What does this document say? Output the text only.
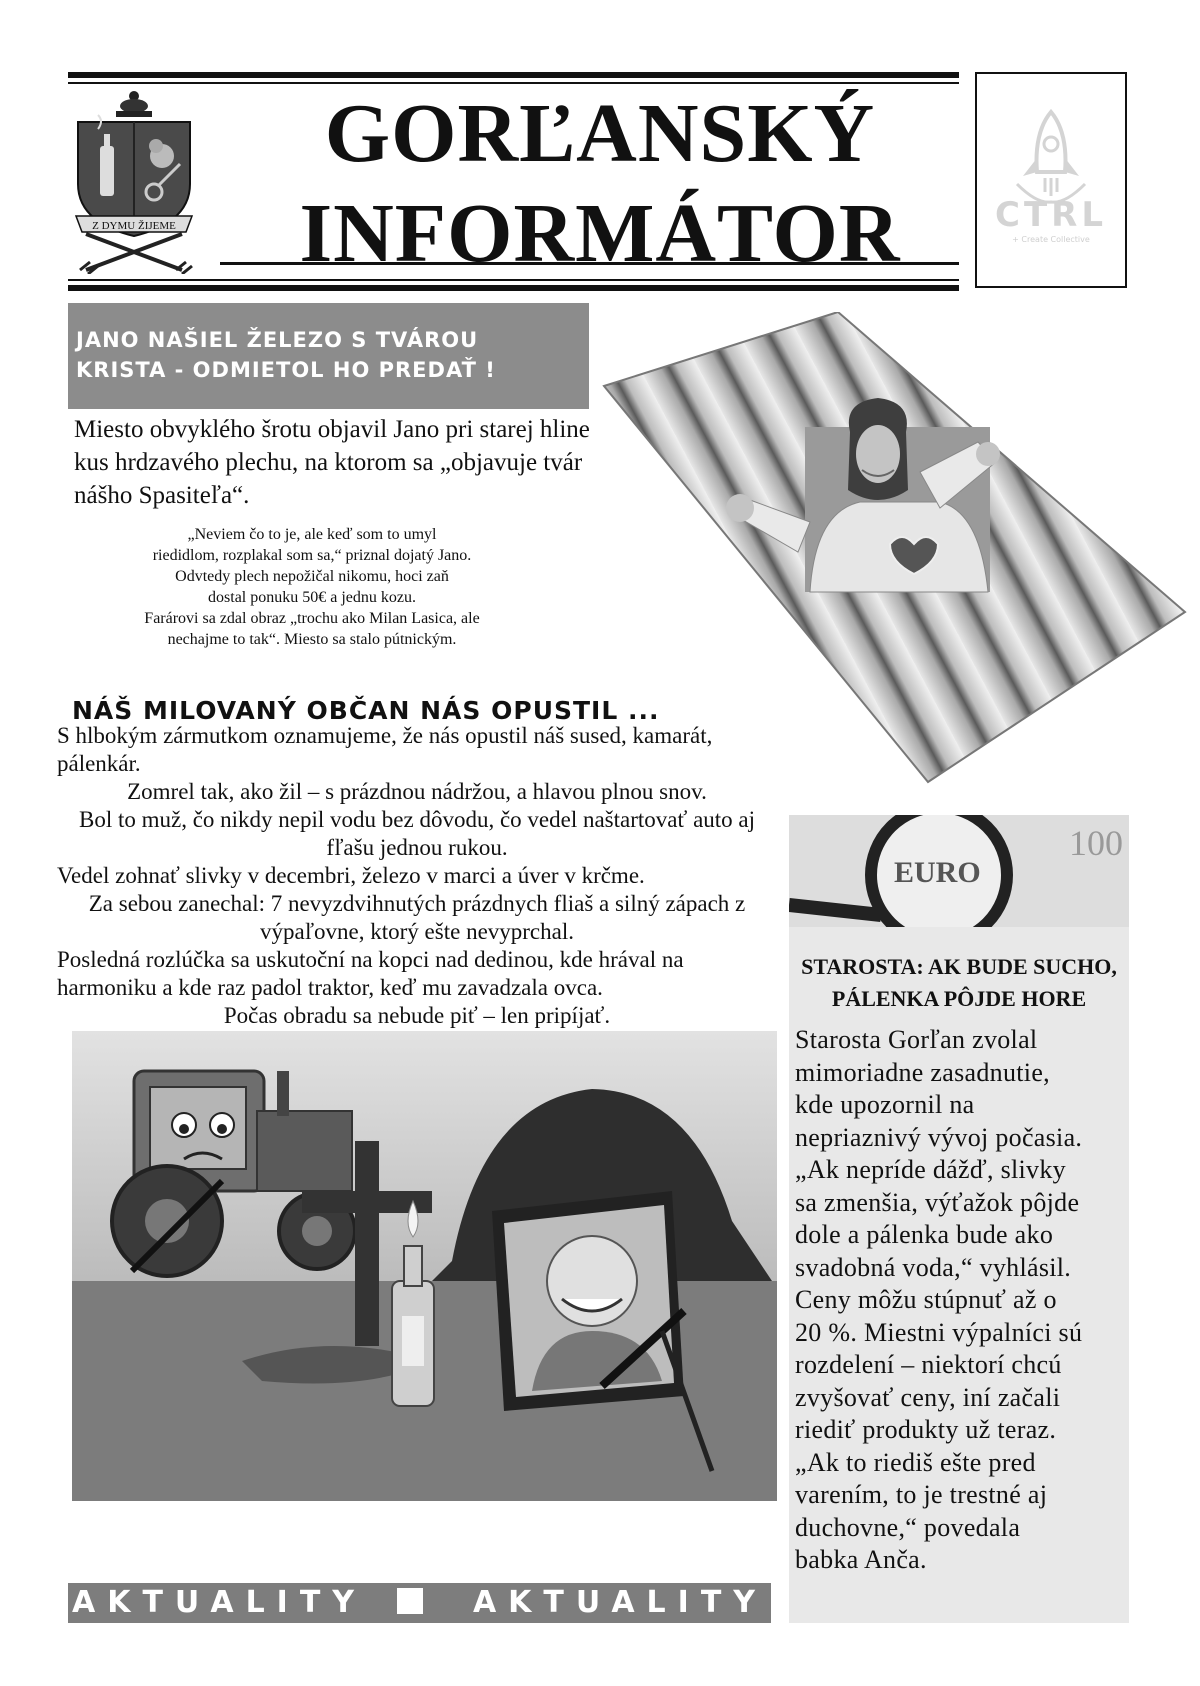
Z DYMU ŽIJEME
GORĽANSKÝ
INFORMÁTOR	CTRL
+ Create Collective
JANO NAŠIEL ŽELEZO S TVÁROU
KRISTA - ODMIETOL HO PREDAŤ !
Miesto obvyklého šrotu objavil Jano pri starej hline kus hrdzavého plechu, na ktorom sa „objavuje tvár nášho Spasiteľa“.
„Neviem čo to je, ale keď som to umyl
riedidlom, rozplakal som sa,“ priznal dojatý Jano.
Odvtedy plech nepožičal nikomu, hoci zaň
dostal ponuku 50€ a jednu kozu.
Farárovi sa zdal obraz „trochu ako Milan Lasica, ale
nechajme to tak“. Miesto sa stalo pútnickým.
NÁŠ MILOVANÝ OBČAN NÁS OPUSTIL ...

S hlbokým zármutkom oznamujeme, že nás opustil náš sused, kamarát, pálenkár.

Zomrel tak, ako žil – s prázdnou nádržou, a hlavou plnou snov.

Bol to muž, čo nikdy nepil vodu bez dôvodu, čo vedel naštartovať auto aj fľašu jednou rukou.

Vedel zohnať slivky v decembri, železo v marci a úver v krčme.

Za sebou zanechal: 7 nevyzdvihnutých prázdnych fliaš a silný zápach z výpaľovne, ktorý ešte nevyprchal.

Posledná rozlúčka sa uskutoční na kopci nad dedinou, kde hrával na harmoniku a kde raz padol traktor, keď mu zavadzala ovca.

Počas obradu sa nebude piť – len pripíjať.

100
EURO
STAROSTA: AK BUDE SUCHO, PÁLENKA PÔJDE HORE
Starosta Gorľan zvolal
mimoriadne zasadnutie,
kde upozornil na
nepriaznivý vývoj počasia.
„Ak nepríde dážď, slivky
sa zmenšia, výťažok pôjde
dole a pálenka bude ako
svadobná voda,“ vyhlásil.
Ceny môžu stúpnuť až o
20 %. Miestni výpalníci sú
rozdelení – niektorí chcú
zvyšovať ceny, iní začali
riediť produkty už teraz.
„Ak to riediš ešte pred
varením, to je trestné aj
duchovne,“ povedala
babka Anča.
AKTUALITY	AKTUALITY
